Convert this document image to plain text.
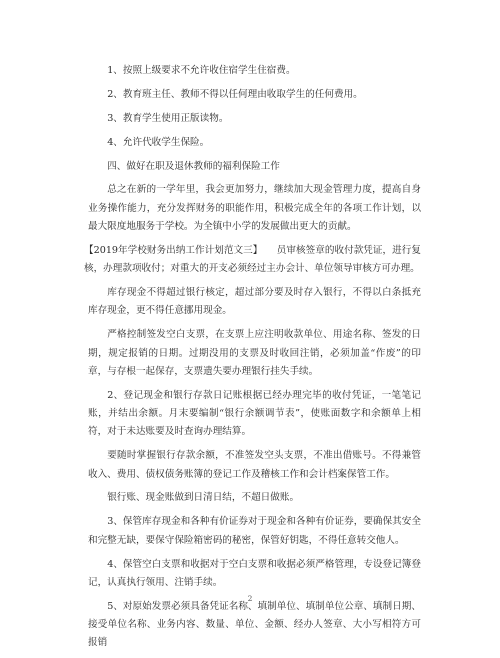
1、按照上级要求不允许收住宿学生住宿费。

2、教育班主任、教师不得以任何理由收取学生的任何费用。

3、教育学生使用正版读物。

4、允许代收学生保险。

四、做好在职及退休教师的福利保险工作

总之在新的一学年里，我会更加努力，继续加大现金管理力度，提高自身业务操作能力，充分发挥财务的职能作用，积极完成全年的各项工作计划，以最大限度地服务于学校。为全镇中小学的发展做出更大的贡献。

【2019年学校财务出纳工作计划范文三】　　员审核签章的收付款凭证，进行复核，办理款项收付；对重大的开支必须经过主办会计、单位领导审核方可办理。

库存现金不得超过银行核定，超过部分要及时存入银行，不得以白条抵充库存现金，更不得任意挪用现金。

严格控制签发空白支票，在支票上应注明收款单位、用途名称、签发的日期，规定报销的日期。过期没用的支票及时收回注销，必须加盖“作废”的印章，与存根一起保存，支票遗失要办理银行挂失手续。

2、登记现金和银行存款日记账根据已经办理完毕的收付凭证，一笔笔记账，并结出余额。月末要编制“银行余额调节表”，使账面数字和余额单上相符，对于未达账要及时查询办理结算。

要随时掌握银行存款余额，不准签发空头支票，不准出借账号。不得兼管收入、费用、债权债务账簿的登记工作及稽核工作和会计档案保管工作。

银行账、现金账做到日清日结，不超日做账。

3、保管库存现金和各种有价证券对于现金和各种有价证券，要确保其安全和完整无缺，要保守保险箱密码的秘密，保管好钥匙，不得任意转交他人。

4、保管空白支票和收据对于空白支票和收据必须严格管理，专设登记簿登记，认真执行领用、注销手续。

5、对原始发票必须具备凭证名称、填制单位、填制单位公章、填制日期、接受单位名称、业务内容、数量、单位、金额、经办人签章、大小写相符方可报销

2
